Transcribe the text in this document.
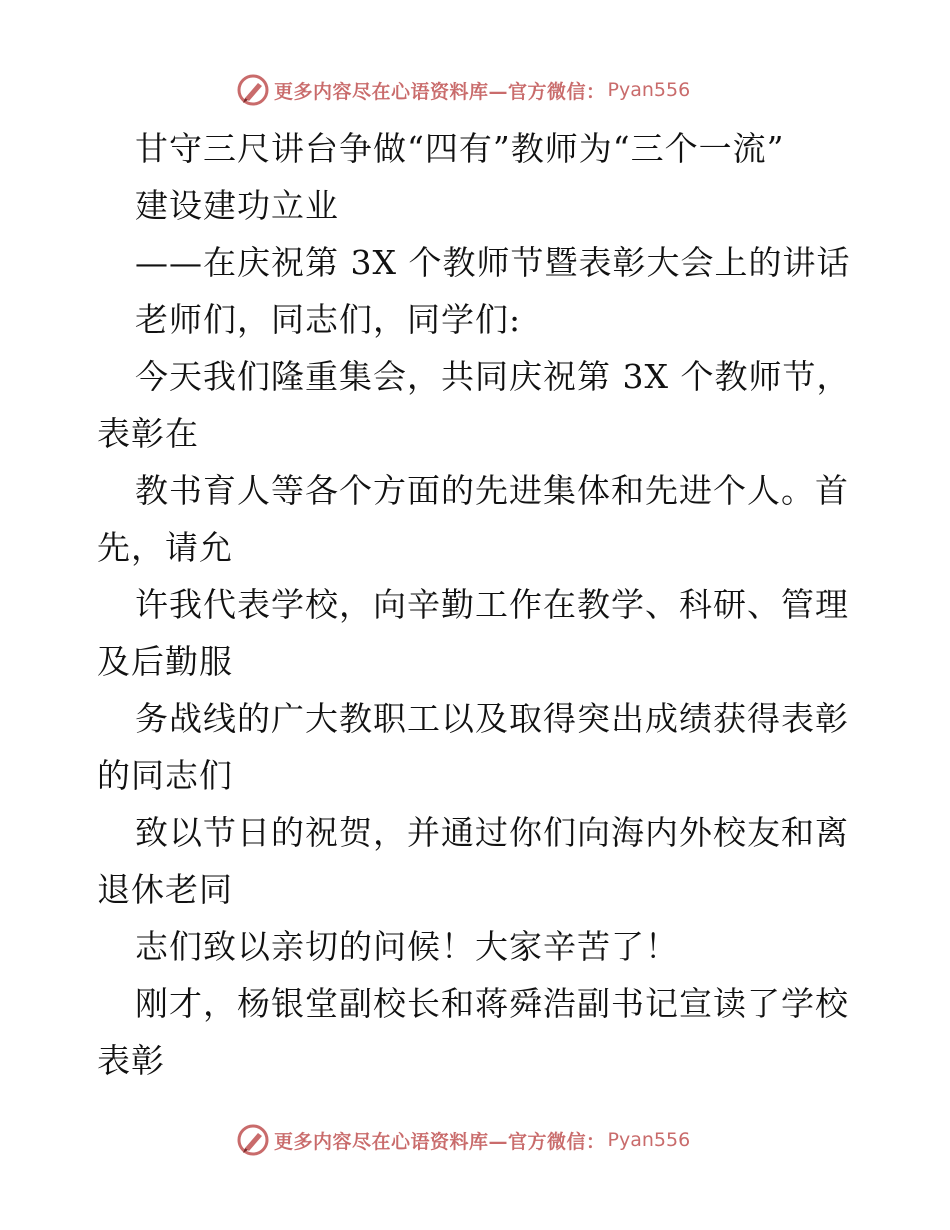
更多内容尽在心语资料库—官方微信： Pyan556
甘守三尺讲台争做“四有”教师为“三个一流”
建设建功立业
——在庆祝第 3X 个教师节暨表彰大会上的讲话
老师们，同志们，同学们:
今天我们隆重集会，共同庆祝第 3X 个教师节，
表彰在
教书育人等各个方面的先进集体和先进个人。首
先，请允
许我代表学校，向辛勤工作在教学、科研、管理
及后勤服
务战线的广大教职工以及取得突出成绩获得表彰
的同志们
致以节日的祝贺，并通过你们向海内外校友和离
退休老同
志们致以亲切的问候！大家辛苦了！
刚才，杨银堂副校长和蒋舜浩副书记宣读了学校
表彰
更多内容尽在心语资料库—官方微信： Pyan556
